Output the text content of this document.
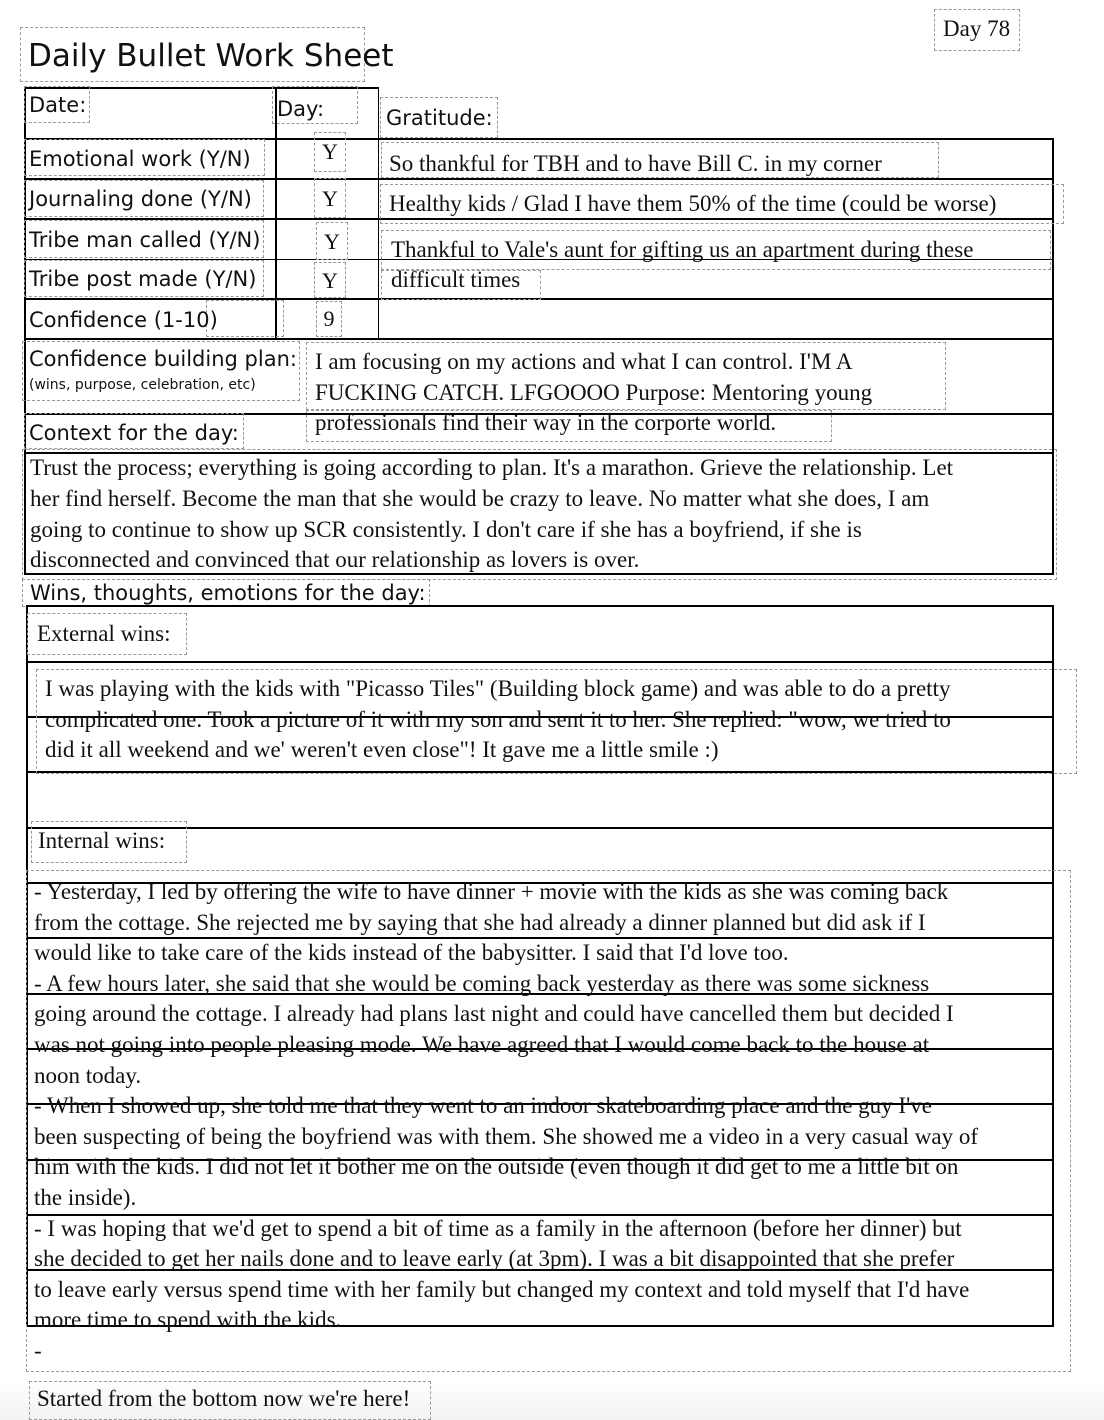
Daily Bullet Work Sheet
Day 78
Date:	Day:	Gratitude:
Emotional work (Y/N)
Journaling done (Y/N)
Tribe man called (Y/N)
Tribe post made (Y/N)
Confidence (1-10)
Y
Y
Y
Y
9
So thankful for TBH and to have Bill C. in my corner
Healthy kids / Glad I have them 50% of the time (could be worse)
Thankful to Vale's aunt for gifting us an apartment during these
difficult times
Confidence building plan:
(wins, purpose, celebration, etc)
I am focusing on my actions and what I can control. I'M A
FUCKING CATCH. LFGOOOO Purpose: Mentoring young
professionals find their way in the corporte world.
Context for the day:
Trust the process; everything is going according to plan. It's a marathon. Grieve the relationship. Let
her find herself. Become the man that she would be crazy to leave. No matter what she does, I am
going to continue to show up SCR consistently. I don't care if she has a boyfriend, if she is
disconnected and convinced that our relationship as lovers is over.
Wins, thoughts, emotions for the day:
External wins:
I was playing with the kids with "Picasso Tiles" (Building block game) and was able to do a pretty
complicated one. Took a picture of it with my son and sent it to her. She replied: "wow, we tried to
did it all weekend and we' weren't even close"! It gave me a little smile :)
Internal wins:
- Yesterday, I led by offering the wife to have dinner + movie with the kids as she was coming back
from the cottage. She rejected me by saying that she had already a dinner planned but did ask if I
would like to take care of the kids instead of the babysitter. I said that I'd love too.
- A few hours later, she said that she would be coming back yesterday as there was some sickness
going around the cottage. I already had plans last night and could have cancelled them but decided I
was not going into people pleasing mode. We have agreed that I would come back to the house at
noon today.
- When I showed up, she told me that they went to an indoor skateboarding place and the guy I've
been suspecting of being the boyfriend was with them. She showed me a video in a very casual way of
him with the kids. I did not let it bother me on the outside (even though it did get to me a little bit on
the inside).
- I was hoping that we'd get to spend a bit of time as a family in the afternoon (before her dinner) but
she decided to get her nails done and to leave early (at 3pm). I was a bit disappointed that she prefer
to leave early versus spend time with her family but changed my context and told myself that I'd have
more time to spend with the kids.
-
Started from the bottom now we're here!
